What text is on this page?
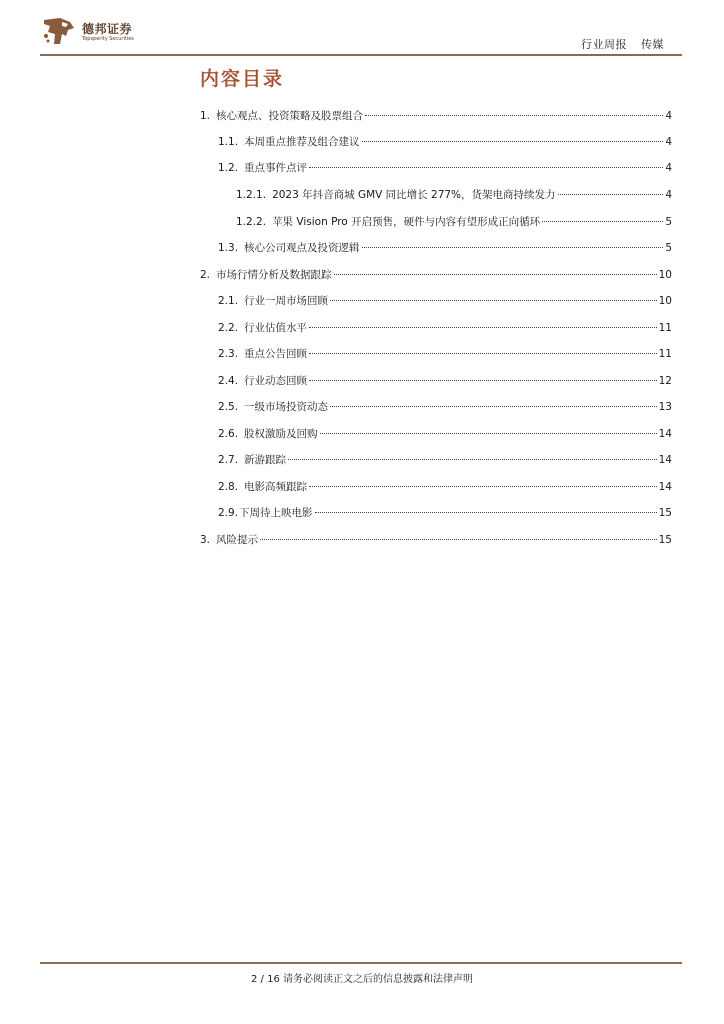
德邦证券
Topsperity Securities	行业周报 传媒
内容目录
1. 核心观点、投资策略及股票组合	4
1.1. 本周重点推荐及组合建议	4
1.2. 重点事件点评	4
1.2.1. 2023 年抖音商城 GMV 同比增长 277%，货架电商持续发力	4
1.2.2. 苹果 Vision Pro 开启预售，硬件与内容有望形成正向循环	5
1.3. 核心公司观点及投资逻辑	5
2. 市场行情分析及数据跟踪	10
2.1. 行业一周市场回顾	10
2.2. 行业估值水平	11
2.3. 重点公告回顾	11
2.4. 行业动态回顾	12
2.5. 一级市场投资动态	13
2.6. 股权激励及回购	14
2.7. 新游跟踪	14
2.8. 电影高频跟踪	14
2.9. 下周待上映电影	15
3. 风险提示	15
2 / 16 请务必阅读正文之后的信息披露和法律声明
